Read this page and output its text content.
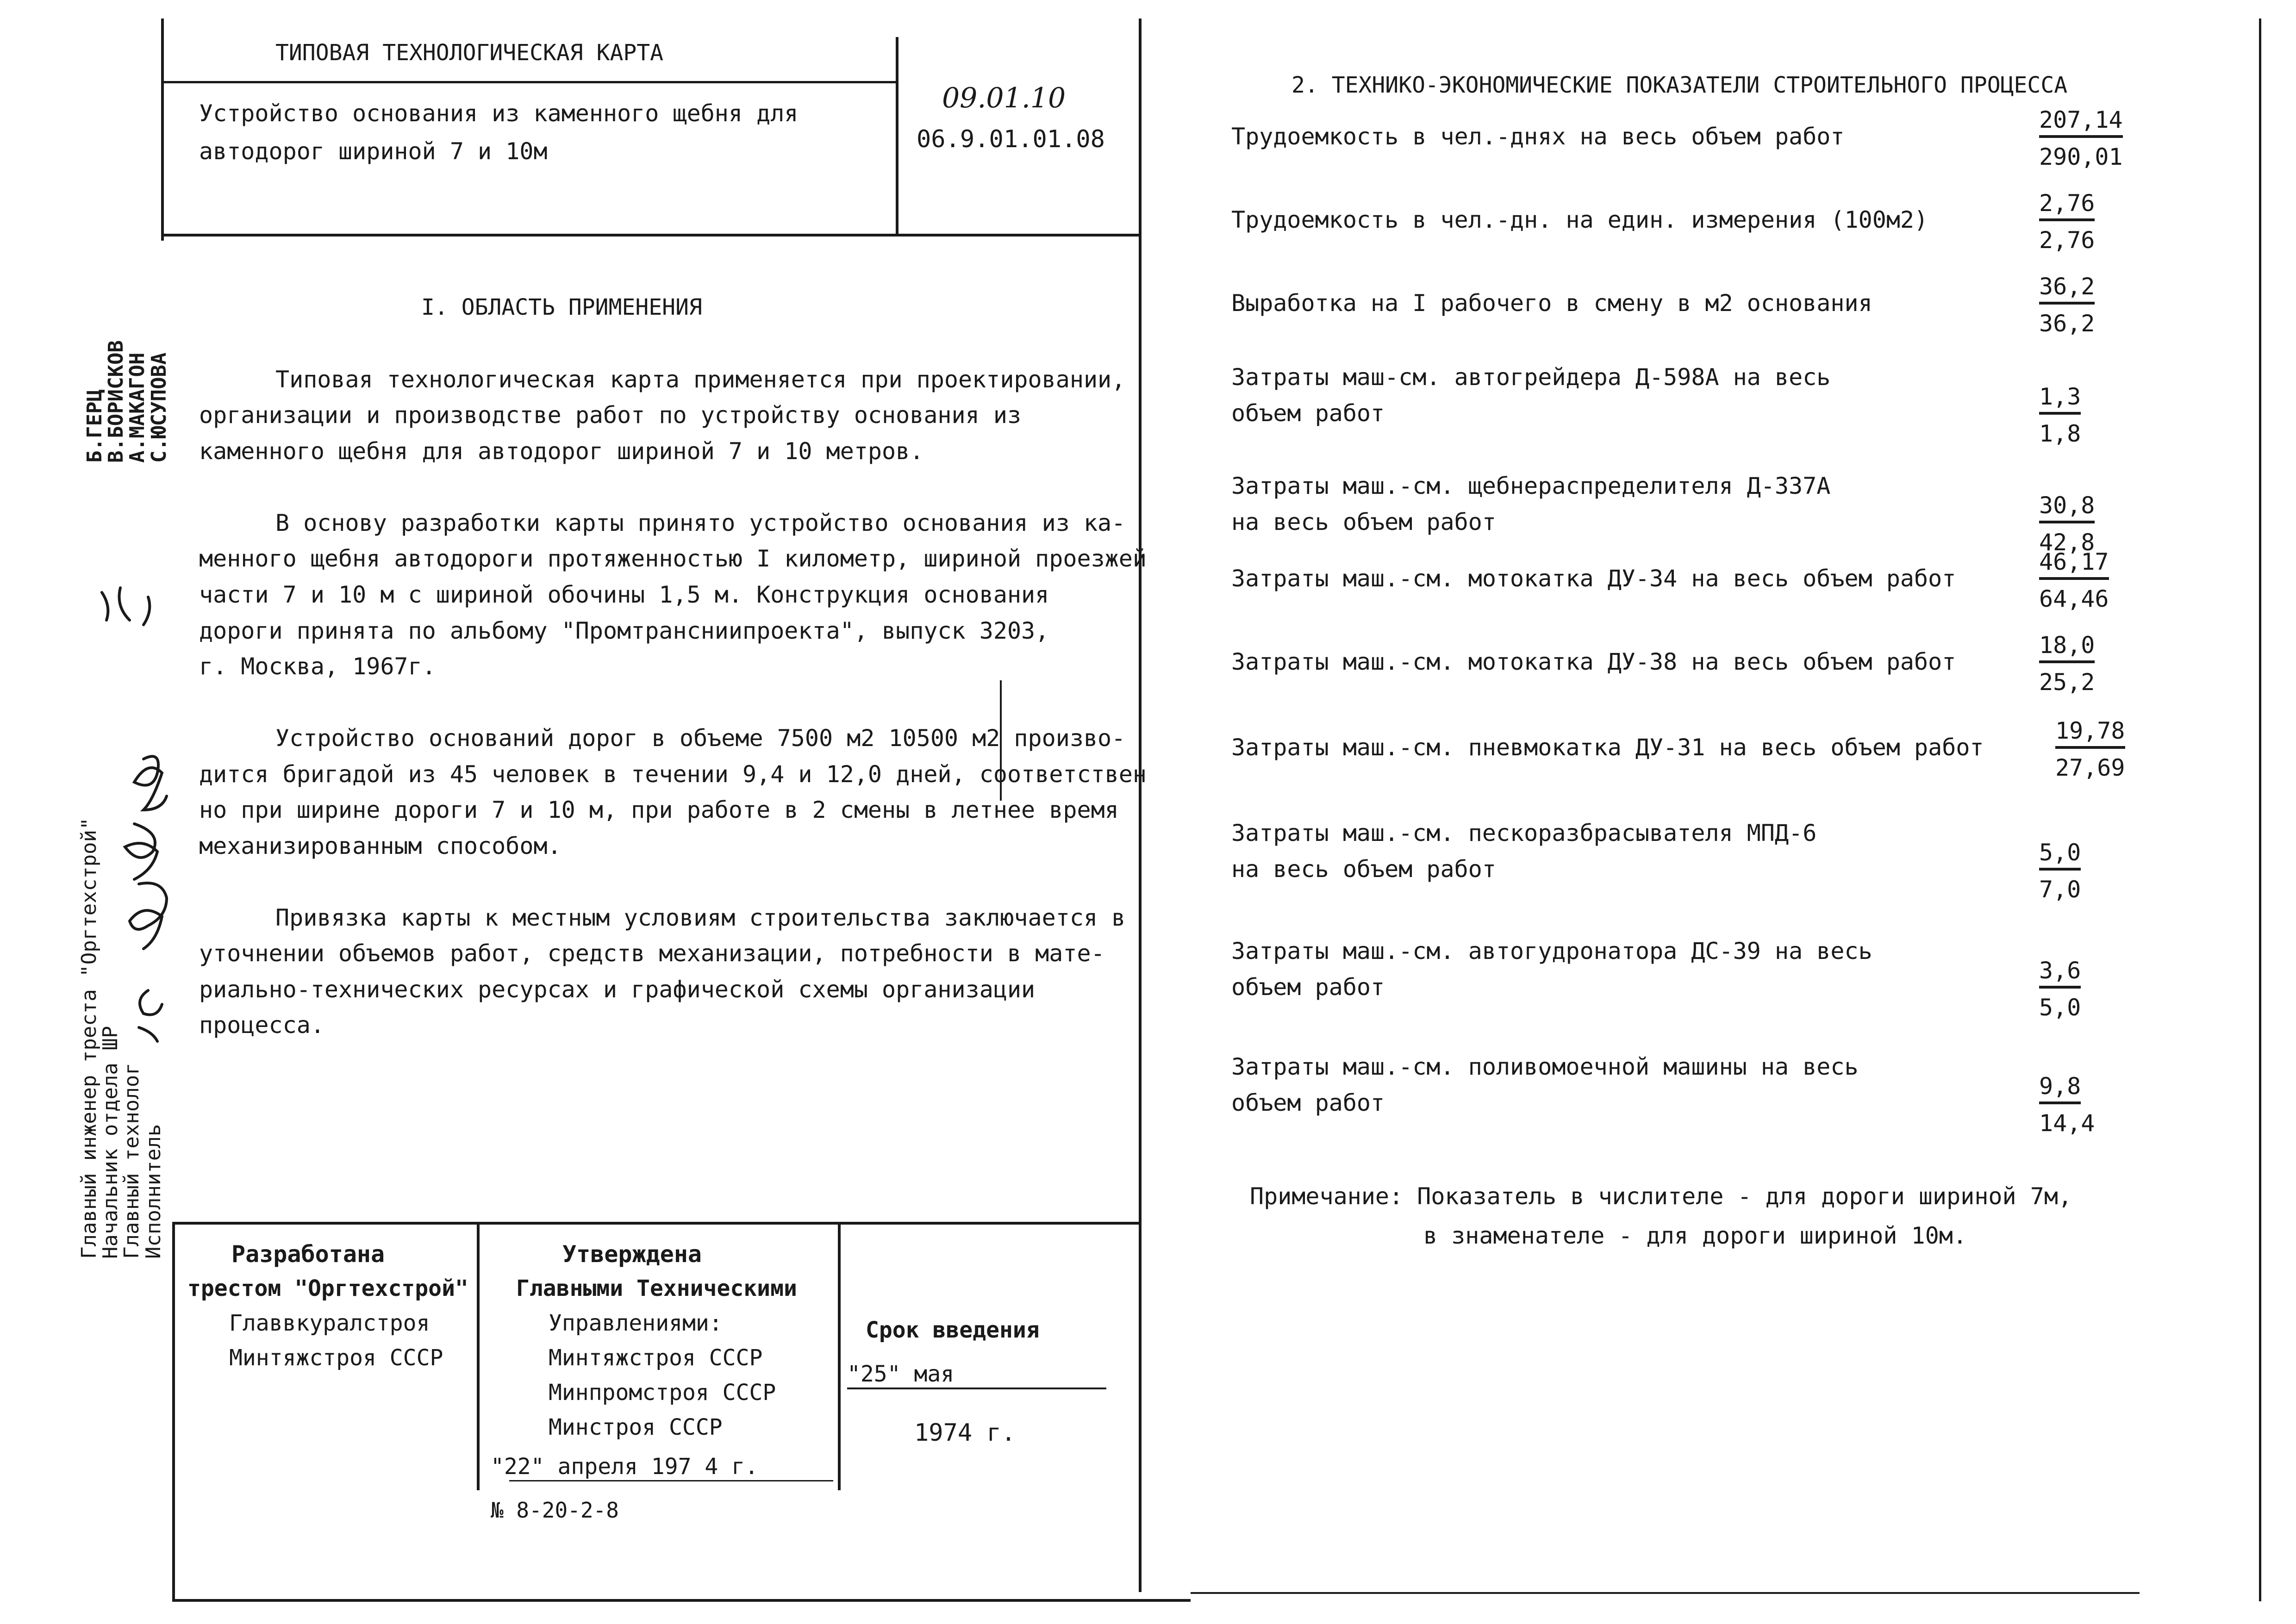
ТИПОВАЯ ТЕХНОЛОГИЧЕСКАЯ КАРТА
Устройство основания из каменного щебня для
автодорог шириной 7 и 10м
09.01.10
06.9.01.01.08
I. ОБЛАСТЬ ПРИМЕНЕНИЯ
Типовая технологическая карта применяется при проектировании,
организации и производстве работ по устройству основания из
каменного щебня для автодорог шириной 7 и 10 метров.
В основу разработки карты принято устройство основания из ка-
менного щебня автодороги протяженностью I километр, шириной проезжей
части 7 и 10 м с шириной обочины 1,5 м. Конструкция основания
дороги принята по альбому "Промтрансниипроекта", выпуск 3203,
г. Москва, 1967г.
Устройство оснований дорог в объеме 7500 м2 10500 м2 произво-
дится бригадой из 45 человек в течении 9,4 и 12,0 дней, соответствен
но при ширине дороги 7 и 10 м, при работе в 2 смены в летнее время
механизированным способом.
Привязка карты к местным условиям строительства заключается в
уточнении объемов работ, средств механизации, потребности в мате-
риально-технических ресурсах и графической схемы организации
процесса.
Главный инженер треста "Оргтехстрой"
Начальник отдела ШР
Главный технолог
Исполнитель
Б.ГЕРЦ
В.БОРИСКОВ
А.МАКАГОН
С.ЮСУПОВА
Разработана
трестом "Оргтехстрой"
Главвкуралстроя
Минтяжстроя СССР
Утверждена
Главными Техническими
Управлениями:
Минтяжстроя СССР
Минпромстроя СССР
Минстроя СССР
"22" апреля 197 4 г.
№ 8-20-2-8
Срок введения
"25" мая
1974 г.
2. ТЕХНИКО-ЭКОНОМИЧЕСКИЕ ПОКАЗАТЕЛИ СТРОИТЕЛЬНОГО ПРОЦЕССА
Трудоемкость в чел.-днях на весь объем работ	$\frac{207,14}{290,01}$
Трудоемкость в чел.-дн. на един. измерения (100м2)	$\frac{2,76}{2,76}$
Выработка на I рабочего в смену в м2 основания	$\frac{36,2}{36,2}$
Затраты маш-см. автогрейдера Д-598А на весь
объем работ	$\frac{1,3}{1,8}$
Затраты маш.-см. щебнераспределителя Д-337А
на весь объем работ	$\frac{30,8}{42,8}$
Затраты маш.-см. мотокатка ДУ-34 на весь объем работ	$\frac{46,17}{64,46}$
Затраты маш.-см. мотокатка ДУ-38 на весь объем работ	$\frac{18,0}{25,2}$
Затраты маш.-см. пневмокатка ДУ-31 на весь объем работ	$\frac{19,78}{27,69}$
Затраты маш.-см. пескоразбрасывателя МПД-6
на весь объем работ	$\frac{5,0}{7,0}$
Затраты маш.-см. автогудронатора ДС-39 на весь
объем работ	$\frac{3,6}{5,0}$
Затраты маш.-см. поливомоечной машины на весь
объем работ	$\frac{9,8}{14,4}$
Примечание: Показатель в числителе - для дороги шириной 7м,
в знаменателе - для дороги шириной 10м.
